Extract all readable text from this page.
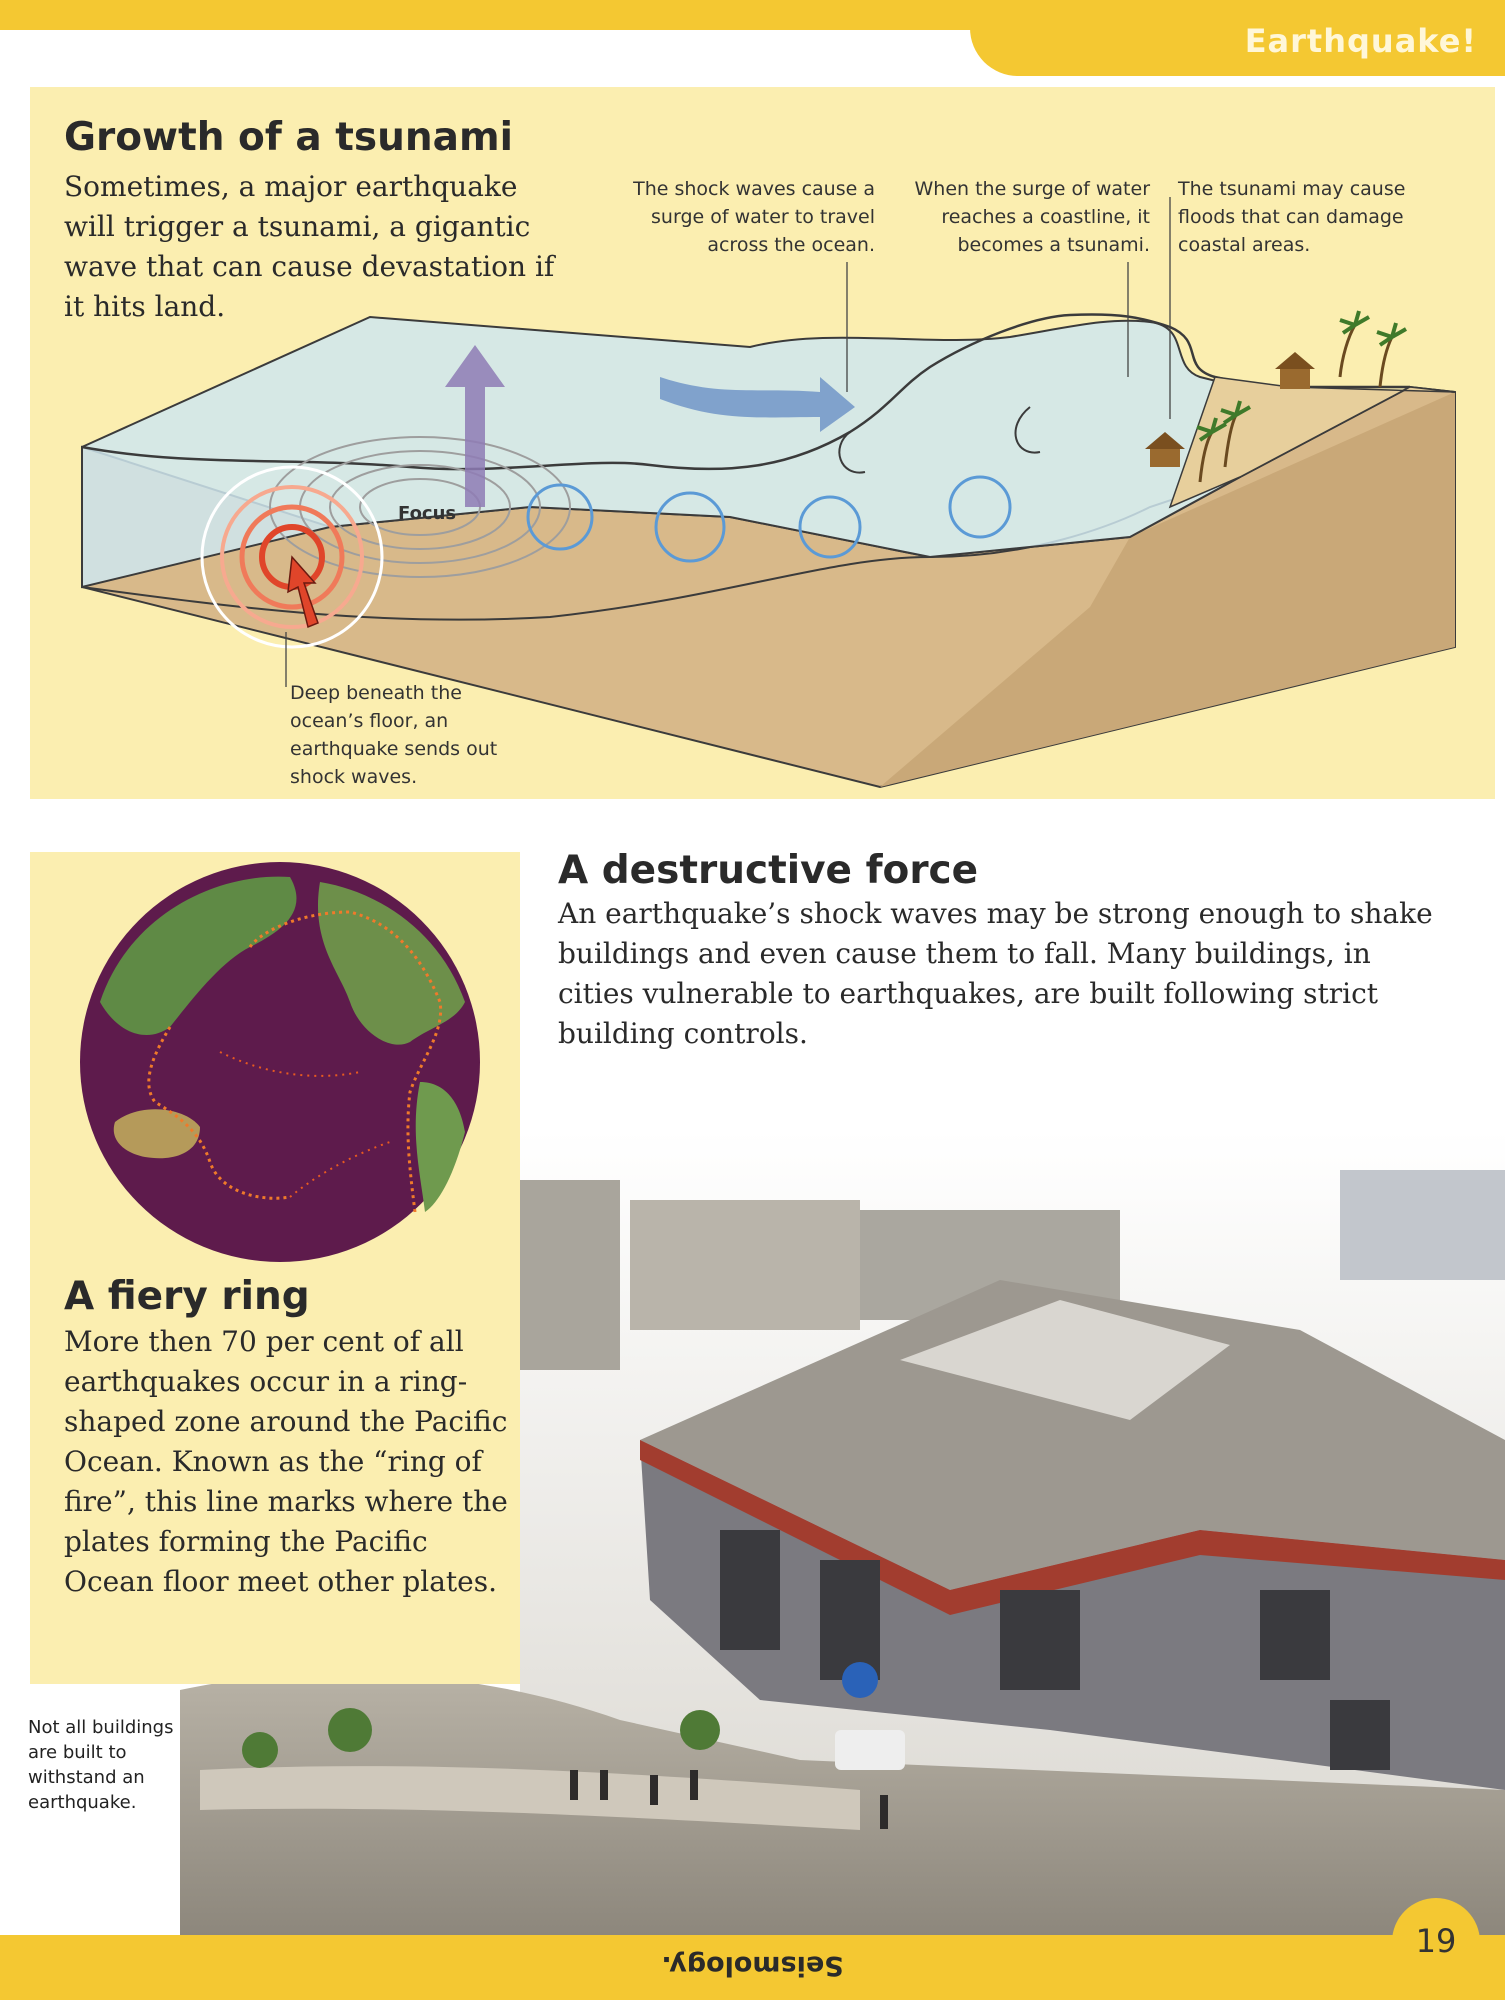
Earthquake!
Focus
Growth of a tsunami
Sometimes, a major earthquake will trigger a tsunami, a gigantic wave that can cause devastation if it hits land.
The shock waves cause a surge of water to travel across the ocean.
When the surge of water reaches a coastline, it becomes a tsunami.
The tsunami may cause floods that can damage coastal areas.
Deep beneath the ocean’s floor, an earthquake sends out shock waves.
A fiery ring
More then 70 per cent of all earthquakes occur in a ring-shaped zone around the Pacific Ocean. Known as the “ring of fire”, this line marks where the plates forming the Pacific Ocean floor meet other plates.
A destructive force
An earthquake’s shock waves may be strong enough to shake buildings and even cause them to fall. Many buildings, in cities vulnerable to earthquakes, are built following strict building controls.
Not all buildings are built to withstand an earthquake.
Seismology.
19
